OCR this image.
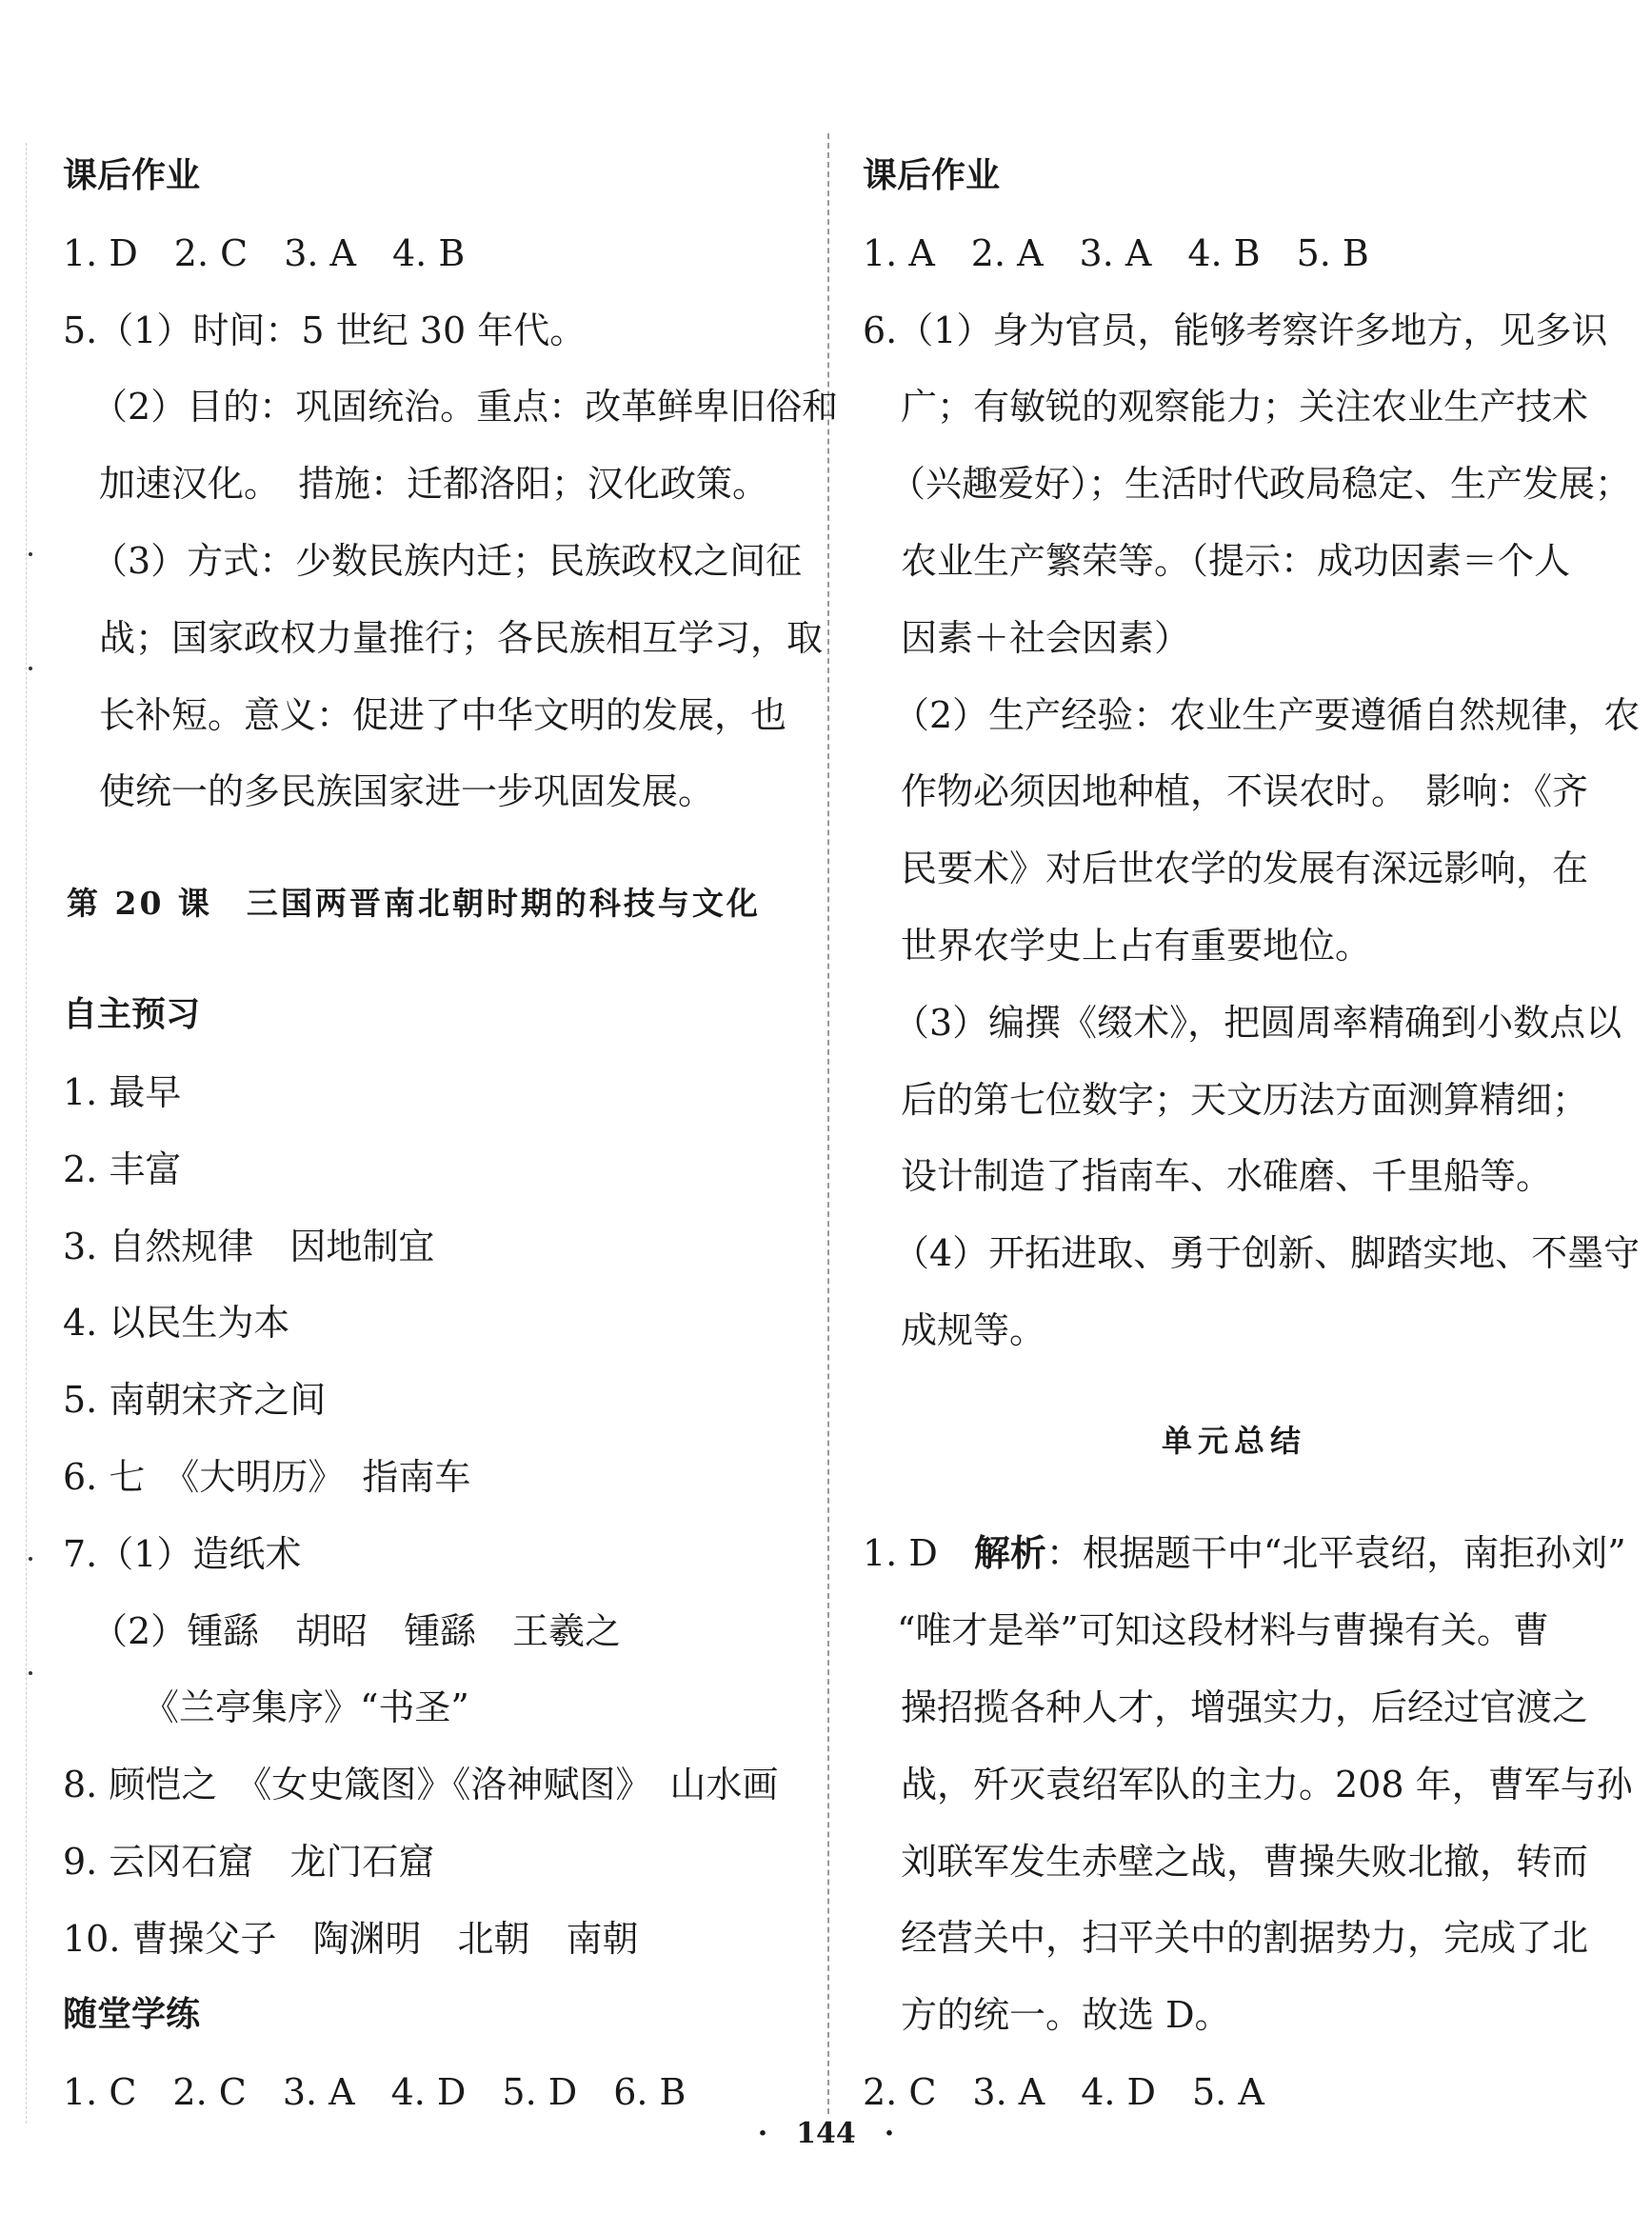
课后作业
1. D　2. C　3. A　4. B
5.（1）时间：5 世纪 30 年代。
（2）目的：巩固统治。重点：改革鲜卑旧俗和
加速汉化。　措施：迁都洛阳；汉化政策。
（3）方式：少数民族内迁；民族政权之间征
战；国家政权力量推行；各民族相互学习，取
长补短。意义：促进了中华文明的发展，也
使统一的多民族国家进一步巩固发展。
第 20 课　三国两晋南北朝时期的科技与文化
自主预习
1. 最早
2. 丰富
3. 自然规律　因地制宜
4. 以民生为本
5. 南朝宋齐之间
6. 七　《大明历》　指南车
7.（1）造纸术
（2）锺繇　胡昭　锺繇　王羲之
《兰亭集序》“书圣”
8. 顾恺之　《女史箴图》《洛神赋图》　山水画
9. 云冈石窟　龙门石窟
10. 曹操父子　陶渊明　北朝　南朝
随堂学练
1. C　2. C　3. A　4. D　5. D　6. B
课后作业
1. A　2. A　3. A　4. B　5. B
6.（1）身为官员，能够考察许多地方，见多识
广；有敏锐的观察能力；关注农业生产技术
（兴趣爱好）；生活时代政局稳定、生产发展；
农业生产繁荣等。（提示：成功因素＝个人
因素＋社会因素）
（2）生产经验：农业生产要遵循自然规律，农
作物必须因地种植，不误农时。　影响：《齐
民要术》对后世农学的发展有深远影响，在
世界农学史上占有重要地位。
（3）编撰《缀术》，把圆周率精确到小数点以
后的第七位数字；天文历法方面测算精细；
设计制造了指南车、水碓磨、千里船等。
（4）开拓进取、勇于创新、脚踏实地、不墨守
成规等。
单元总结
1. D　解析：根据题干中“北平袁绍，南拒孙刘”
“唯才是举”可知这段材料与曹操有关。曹
操招揽各种人才，增强实力，后经过官渡之
战，歼灭袁绍军队的主力。208 年，曹军与孙
刘联军发生赤壁之战，曹操失败北撤，转而
经营关中，扫平关中的割据势力，完成了北
方的统一。故选 D。
2. C　3. A　4. D　5. A
·　144　·
